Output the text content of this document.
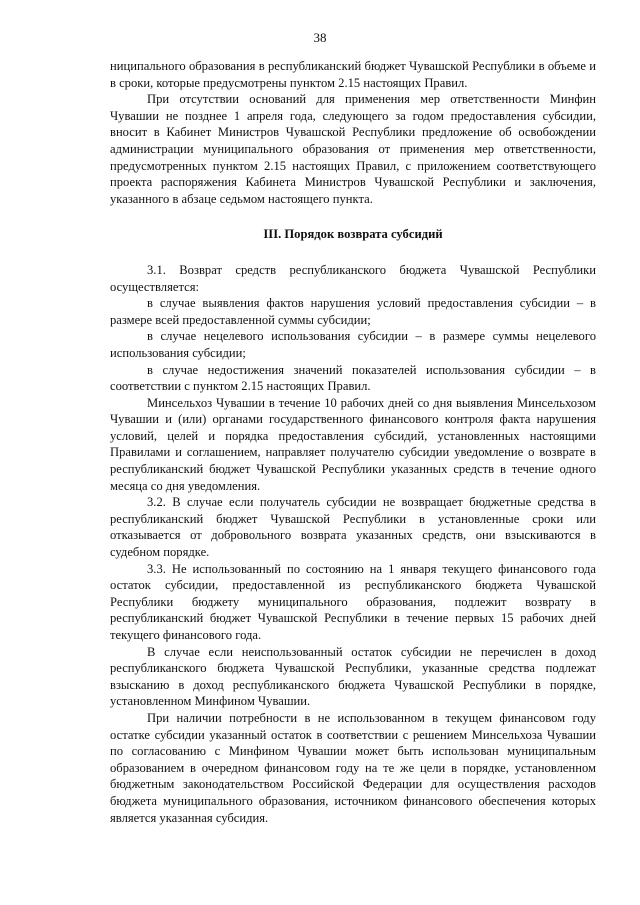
38

ниципального образования в республиканский бюджет Чувашской Республики в объеме и в сроки, которые предусмотрены пунктом 2.15 настоящих Правил.

При отсутствии оснований для применения мер ответственности Минфин Чувашии не позднее 1 апреля года, следующего за годом предоставления субсидии, вносит в Кабинет Министров Чувашской Республики предложение об освобождении администрации муниципального образования от применения мер ответственности, предусмотренных пунктом 2.15 настоящих Правил, с приложением соответствующего проекта распоряжения Кабинета Министров Чувашской Республики и заключения, указанного в абзаце седьмом настоящего пункта.

III. Порядок возврата субсидий

3.1. Возврат средств республиканского бюджета Чувашской Республики осуществляется:

в случае выявления фактов нарушения условий предоставления субсидии – в размере всей предоставленной суммы субсидии;

в случае нецелевого использования субсидии – в размере суммы нецелевого использования субсидии;

в случае недостижения значений показателей использования субсидии – в соответствии с пунктом 2.15 настоящих Правил.

Минсельхоз Чувашии в течение 10 рабочих дней со дня выявления Минсельхозом Чувашии и (или) органами государственного финансового контроля факта нарушения условий, целей и порядка предоставления субсидий, установленных настоящими Правилами и соглашением, направляет получателю субсидии уведомление о возврате в республиканский бюджет Чувашской Республики указанных средств в течение одного месяца со дня уведомления.

3.2. В случае если получатель субсидии не возвращает бюджетные средства в республиканский бюджет Чувашской Республики в установленные сроки или отказывается от добровольного возврата указанных средств, они взыскиваются в судебном порядке.

3.3. Не использованный по состоянию на 1 января текущего финансового года остаток субсидии, предоставленной из республиканского бюджета Чувашской Республики бюджету муниципального образования, подлежит возврату в республиканский бюджет Чувашской Республики в течение первых 15 рабочих дней текущего финансового года.

В случае если неиспользованный остаток субсидии не перечислен в доход республиканского бюджета Чувашской Республики, указанные средства подлежат взысканию в доход республиканского бюджета Чувашской Республики в порядке, установленном Минфином Чувашии.

При наличии потребности в не использованном в текущем финансовом году остатке субсидии указанный остаток в соответствии с решением Минсельхоза Чувашии по согласованию с Минфином Чувашии может быть использован муниципальным образованием в очередном финансовом году на те же цели в порядке, установленном бюджетным законодательством Российской Федерации для осуществления расходов бюджета муниципального образования, источником финансового обеспечения которых является указанная субсидия.
